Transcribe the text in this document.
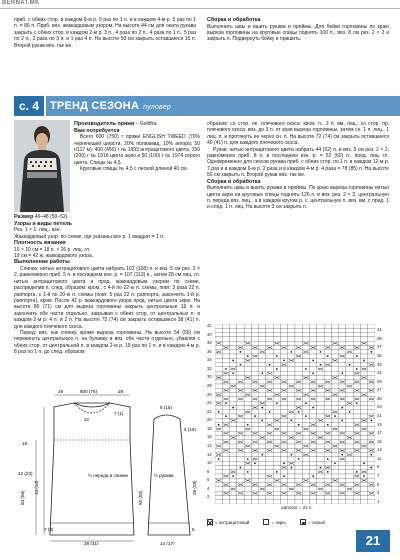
BERNAT.MK

приб. с обеих стор. в каждом 8-м р. 9 раз по 1 п. и в каждом 4-м р. 5 раз по 1 п. = 86 п. Приб. вяз. жаккардовым узором. На высоте 44 см для оката рукава закрыть с обеих стор. в каждом 2-м р. 3 п., 4 раза по 2 п., 4 раза по 1 п., 5 раз по 2 п., 2 раза по 3 п. и 1 раз 4 п. На высоте 58 см закрыть оставшиеся 16 п. Второй рукав вяз. так же.

Сборка и обработка

Выполнить швы и вшить рукава в проймы. Для бейки горловины по краю выреза горловины на круговые спицы поднять 100 п., вяз. 8 см рез. 2 × 2 и закрыть п. Подвернуть бейку и пришить.

с. 4	ТРЕНД СЕЗОНА пуловер

Производитель пряжи – Goldfra.

Вам потребуется

Всего 600 (750) г пряжи ENGLISH TWEED (70% чернеющей шерсти, 20% полиамид, 10% ангора; 50 г/117 м): 400 (450) г № 1993 антрацитового цвета, 150 (200) г № 1916 цвета экрю и 50 (100) г № 1974 серого цвета. Спицы № 4,5.

Круговые спицы № 4,5 с леской длиной 40 см.

Размер 46–48 (50–52).

Узоры и виды петель

Рез. 1 × 1: лиц., изн.

Жаккардовый узор: по схеме, где указаны все р. 1 квадрат = 1 п.

Плотность вязания

10 × 10 см = 18 п. × 26 р. лиц. гл.

19 см = 42 ж. жаккардового узора.

Выполнение работы

Спинка: нитью антрацитового цвета набрать 102 (108) п. и вяз. 5 см рез. 2 × 2, равномерно приб. 5 п. в последнем изн. р. = 107 (113) п., затем 28 см лиц. гл. нитью антрацитового цвета и прод. жаккардовым узором по схеме, распределив п. след. образом: кром., с 4-й по 22-ю п. схемы, повт. 3 раза 22 п. раппорта, с 1-й по 20-ю п. схемы (повт. 5 раз 22 п. раппорта, закончить 1-й р. раппорта), кром. После 42 р. жаккардового узора прод. нитью цвета экрю. На высоте 80 (71) см для выреза горловины закрыть центральные 19 п. и закончить обе части отдельно, закрывая с обеих стор. от центральных п. в каждом 2-м р. 4 п. и 2 п. На высоте 72 (74) см закрыть оставшиеся 38 (41) п. для каждого плечевого скоса.

Перед: вяз. как спинку, кроме выреза горловины. На высоте 54 (56) см перекинуть центральную п. на булавку и вяз. обе части отдельно, убавляя с обеих стор. от центральной п. в каждом 2-м р. 19 раз по 1 п. и в каждом 4-м р. 8 раз по 1 п. до след. образом:

образом: со стор. ле. плечевого скоса: кром. п., 2 п. вм. лиц.; со стор. пр. плечевого скоса: вяз. до 3 п. от края выреза горловины, затем сн. 1 п. лиц., 1 лиц. п. и протянуть ее через сн. п. На высоте 72 (74) см закрыть оставшиеся 40 (41) п. для каждого плечевого скоса.

Рукав: нитью антрацитового цвета набрать 44 (52) п. и вяз. 5 см рез. 2 × 2, равномерно приб. 8 п. в последнем изн. р. = 52 (60) п., прод. лиц. гл. Одновременно для скосов рукава приб. с обеих стор. по 1 п. в каждом 12-м р. 7 раз и в каждом 6-м р. 2 раза и в каждом 4-м р. 4 раза = 78 (85) п. На высоте 50 см закрыть п. Второй рукав вяз. так же.

Сборка и обработка

Выполнить швы и вшить рукава в проймы. По краю выреза горловины нитью цвета экрю на круговые спицы поднять 126 п. и вяз. рез. 2 × 2, центральную п. переда вяз. лиц., а в каждом кругом р. с. центральную п. вяз. вм. с пред. 1 и след. 1 п. лиц. На высоте 3 см закрыть п.

42
40
38
36
34
32
30
28
26
24
22
20
18
16
14
12
10
8
6
4
2
41
39
37
35
33
31
29
27
25
23
21
19
17
15
13
11
9
7
5
3
1
раппорт = 22 п.
= антрацитовый	= экрю	= серый
29	600 (75)	29
22
7 (1)
18
22 (23)
84 (56)
14 (14)
7 (9)
½ переда и спинки
29 (31)
5 (15)
5 (15)
½ рукава
14 (17)
5
28 (28)
55 (55)
21
